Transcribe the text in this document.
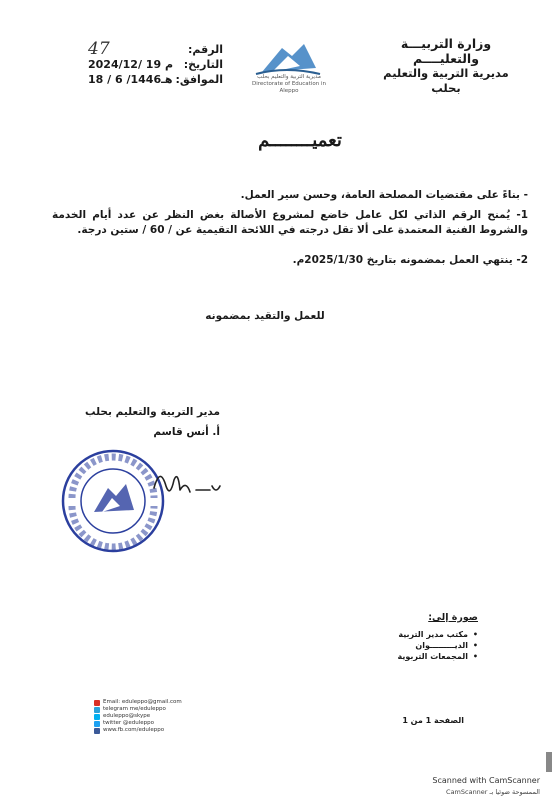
وزارة التربيـــة والتعليــــم
مديرية التربية والتعليم بحلب
مديرية التربية والتعليم بحلب
Directorate of Education in Aleppo
الرقم:
47
التاريخ:
2024/12/ 19 م
الموافق:
18 / 6 /1446هـ
تعميــــــــم
- بناءً على مقتضيات المصلحة العامة، وحسن سير العمل.
1- يُمنح الرقم الذاتي لكل عامل خاضع لمشروع الأصالة بغض النظر عن عدد أيام الخدمة والشروط الفنية المعتمدة على ألا تقل درجته في اللائحة التقيمية عن / 60 / ستين درجة.
2- ينتهي العمل بمضمونه بتاريخ 2025/1/30م.
للعمل والتقيد بمضمونه
مدير التربية والتعليم بحلب
أ. أنس قاسم
صورة إلى:
• مكتب مدير التربية
• الديـــــــــوان
• المجمعات التربوية
Email: eduleppo@gmail.com
telegram me/eduleppo
eduleppo@skype
twitter @eduleppo
www.fb.com/eduleppo
الصفحة 1 من 1
Scanned with CamScanner
الممسوحة ضوئيا بـ CamScanner
